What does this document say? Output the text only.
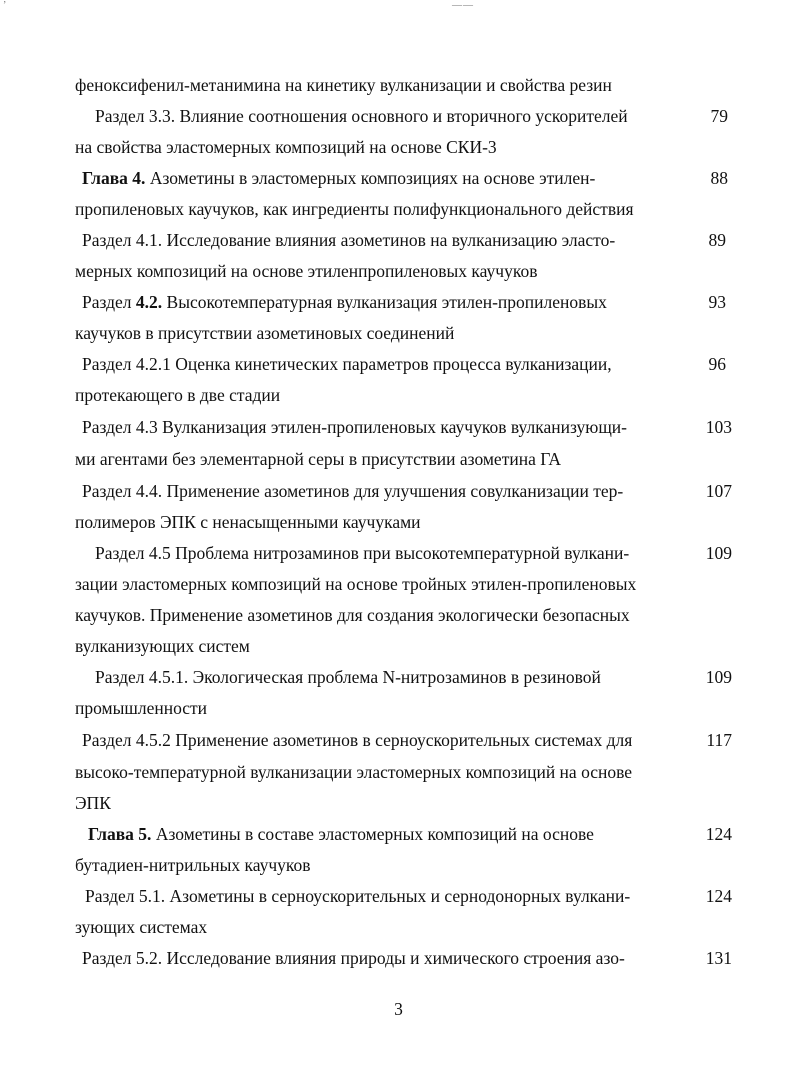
’	——
феноксифенил-метанимина на кинетику вулканизации и свойства резин
Раздел 3.3. Влияние соотношения основного и вторичного ускорителей
на свойства эластомерных композиций на основе СКИ-3
79
Глава 4. Азометины в эластомерных композициях на основе этилен-
пропиленовых каучуков, как ингредиенты полифункционального действия
88
Раздел 4.1. Исследование влияния азометинов на вулканизацию эласто-
мерных композиций на основе этиленпропиленовых каучуков
89
Раздел 4.2. Высокотемпературная вулканизация этилен-пропиленовых
каучуков в присутствии азометиновых соединений
93
Раздел 4.2.1 Оценка кинетических параметров процесса вулканизации,
протекающего в две стадии
96
Раздел 4.3 Вулканизация этилен-пропиленовых каучуков вулканизующи-
ми агентами без элементарной серы в присутствии азометина ГА
103
Раздел 4.4. Применение азометинов для улучшения совулканизации тер-
полимеров ЭПК с ненасыщенными каучуками
107
Раздел 4.5 Проблема нитрозаминов при высокотемпературной вулкани-
зации эластомерных композиций на основе тройных этилен-пропиленовых
каучуков. Применение азометинов для создания экологически безопасных
вулканизующих систем
109
Раздел 4.5.1. Экологическая проблема N-нитрозаминов в резиновой
промышленности
109
Раздел 4.5.2 Применение азометинов в серноускорительных системах для
высоко-температурной вулканизации эластомерных композиций на основе
ЭПК
117
Глава 5. Азометины в составе эластомерных композиций на основе
бутадиен-нитрильных каучуков
124
Раздел 5.1. Азометины в серноускорительных и сернодонорных вулкани-
зующих системах
124
Раздел 5.2. Исследование влияния природы и химического строения азо-	131
3
